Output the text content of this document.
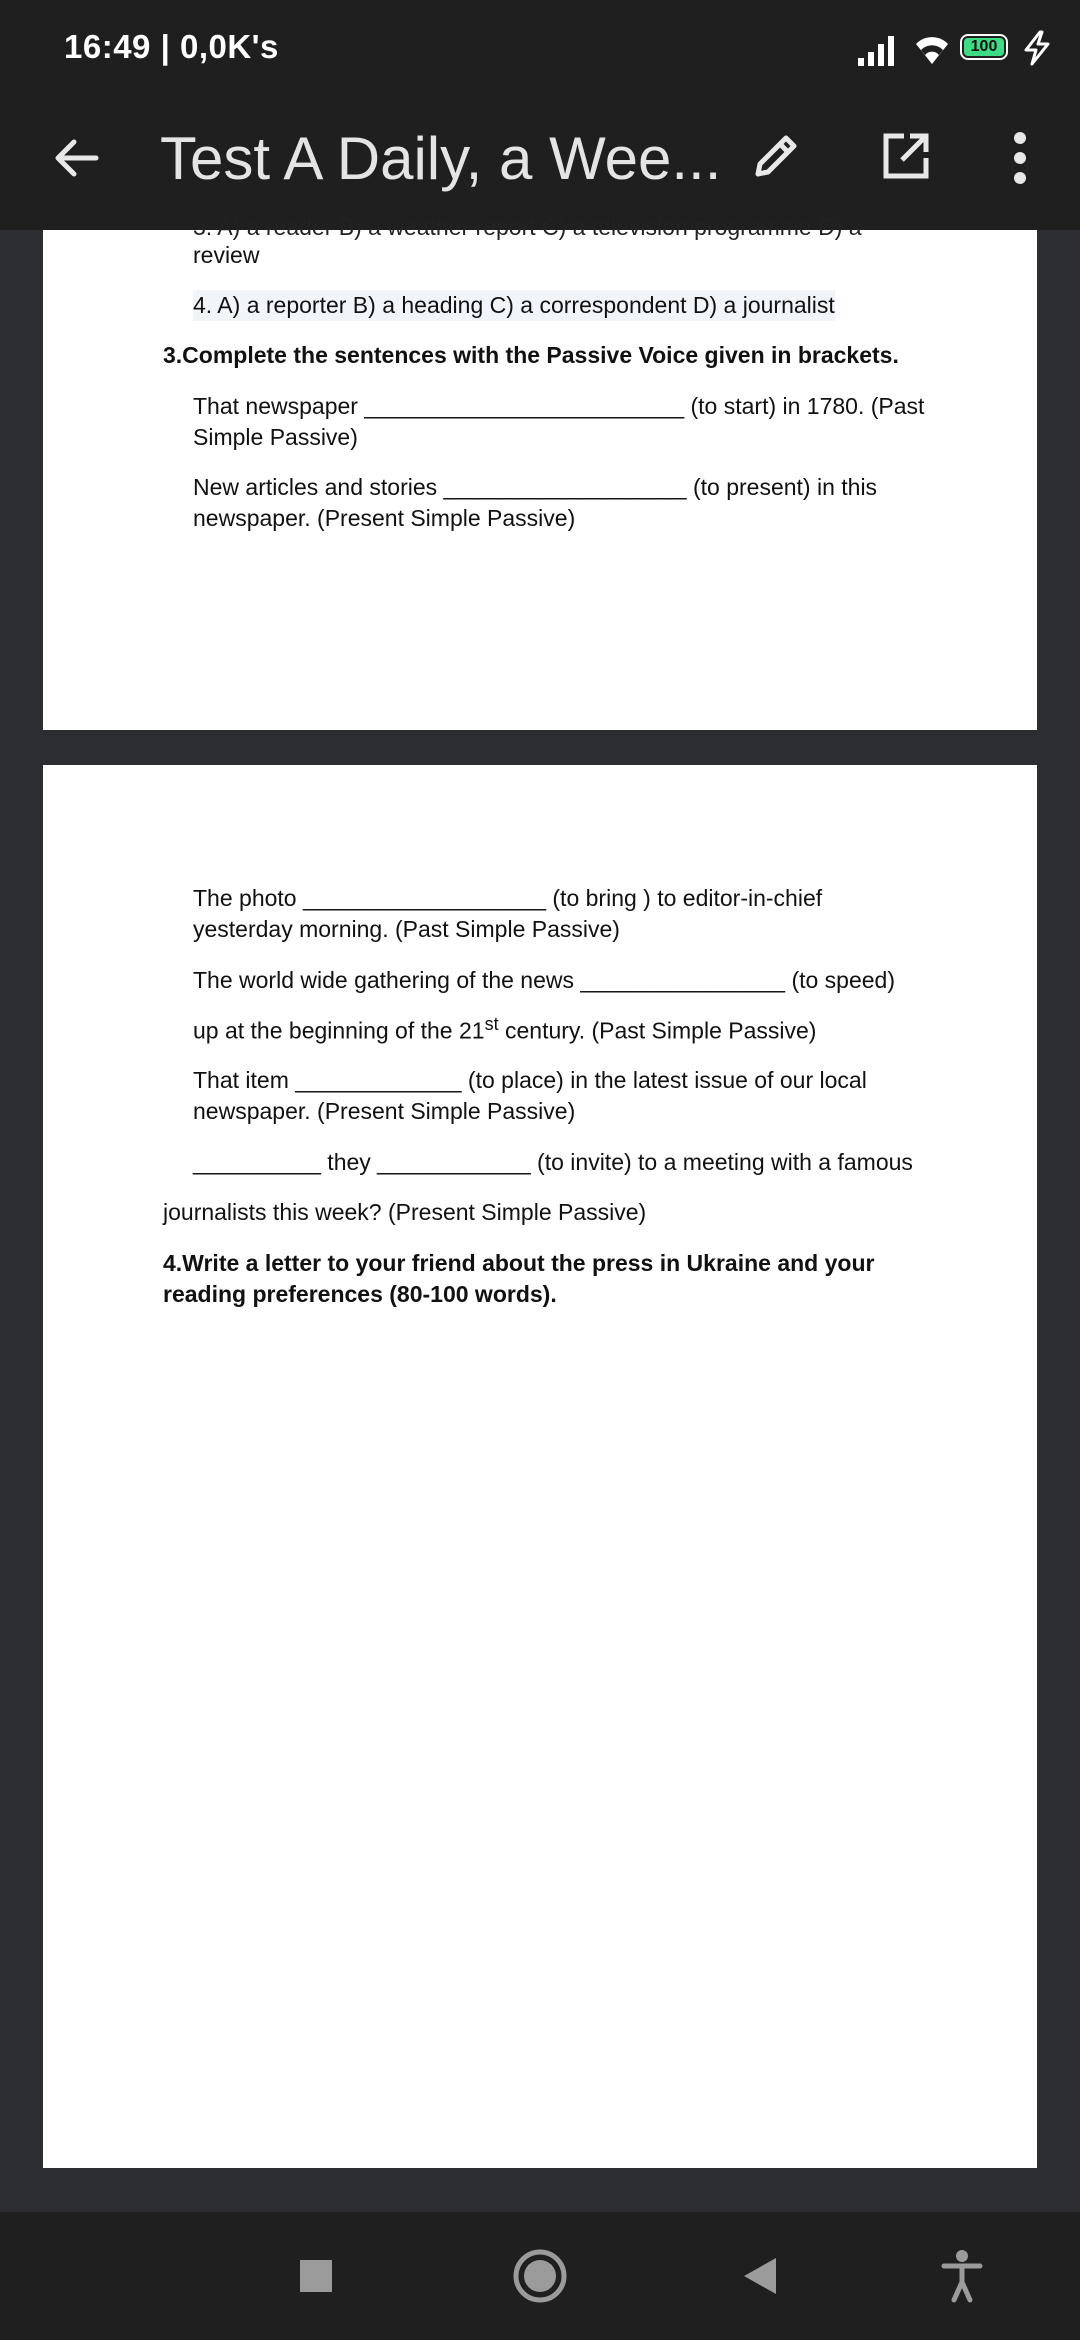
16:49 | 0,0K's	100
Test A Daily, a Wee...
3. A) a reader B) a weather report C) a television programme D) a
review
4. A) a reporter B) a heading C) a correspondent D) a journalist
3.Complete the sentences with the Passive Voice given in brackets.
That newspaper _________________________ (to start) in 1780. (Past
Simple Passive)
New articles and stories ___________________ (to present) in this
newspaper. (Present Simple Passive)
The photo ___________________ (to bring ) to editor-in-chief
yesterday morning. (Past Simple Passive)
The world wide gathering of the news ________________ (to speed)
up at the beginning of the 21st century. (Past Simple Passive)
That item _____________ (to place) in the latest issue of our local
newspaper. (Present Simple Passive)
__________ they ____________ (to invite) to a meeting with a famous
journalists this week? (Present Simple Passive)
4.Write a letter to your friend about the press in Ukraine and your
reading preferences (80-100 words).
